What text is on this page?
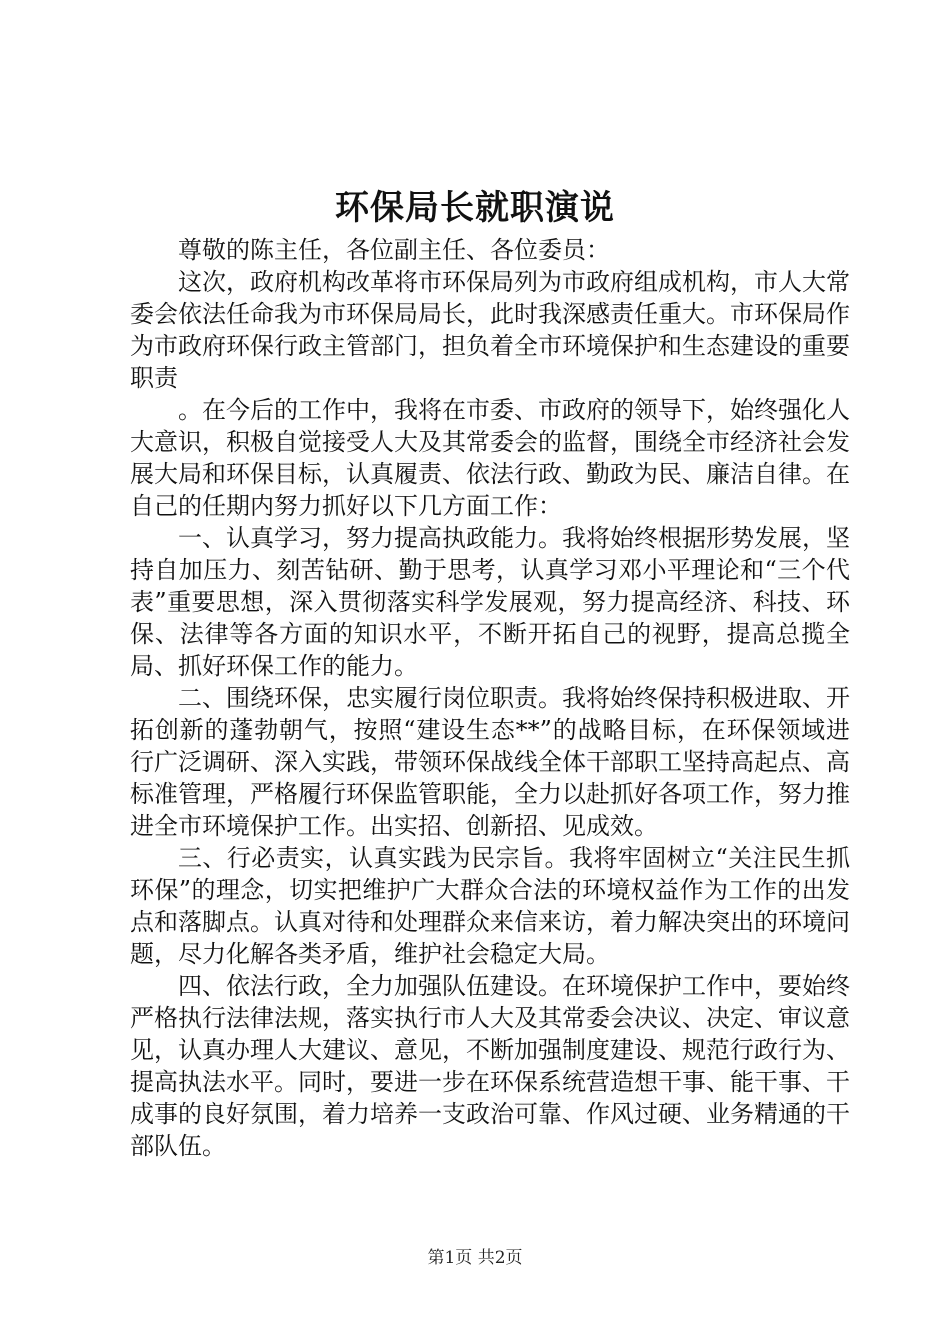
环保局长就职演说

尊敬的陈主任，各位副主任、各位委员：

这次，政府机构改革将市环保局列为市政府组成机构，市人大常委会依法任命我为市环保局局长，此时我深感责任重大。市环保局作为市政府环保行政主管部门，担负着全市环境保护和生态建设的重要职责

。在今后的工作中，我将在市委、市政府的领导下，始终强化人大意识，积极自觉接受人大及其常委会的监督，围绕全市经济社会发展大局和环保目标，认真履责、依法行政、勤政为民、廉洁自律。在自己的任期内努力抓好以下几方面工作：

一、认真学习，努力提高执政能力。我将始终根据形势发展，坚持自加压力、刻苦钻研、勤于思考，认真学习邓小平理论和“三个代表”重要思想，深入贯彻落实科学发展观，努力提高经济、科技、环保、法律等各方面的知识水平，不断开拓自己的视野，提高总揽全局、抓好环保工作的能力。

二、围绕环保，忠实履行岗位职责。我将始终保持积极进取、开拓创新的蓬勃朝气，按照“建设生态**”的战略目标，在环保领域进行广泛调研、深入实践，带领环保战线全体干部职工坚持高起点、高标准管理，严格履行环保监管职能，全力以赴抓好各项工作，努力推进全市环境保护工作。出实招、创新招、见成效。

三、行必责实，认真实践为民宗旨。我将牢固树立“关注民生抓环保”的理念，切实把维护广大群众合法的环境权益作为工作的出发点和落脚点。认真对待和处理群众来信来访，着力解决突出的环境问题，尽力化解各类矛盾，维护社会稳定大局。

四、依法行政，全力加强队伍建设。在环境保护工作中，要始终严格执行法律法规，落实执行市人大及其常委会决议、决定、审议意见，认真办理人大建议、意见，不断加强制度建设、规范行政行为、提高执法水平。同时，要进一步在环保系统营造想干事、能干事、干成事的良好氛围，着力培养一支政治可靠、作风过硬、业务精通的干部队伍。

第1页 共2页
